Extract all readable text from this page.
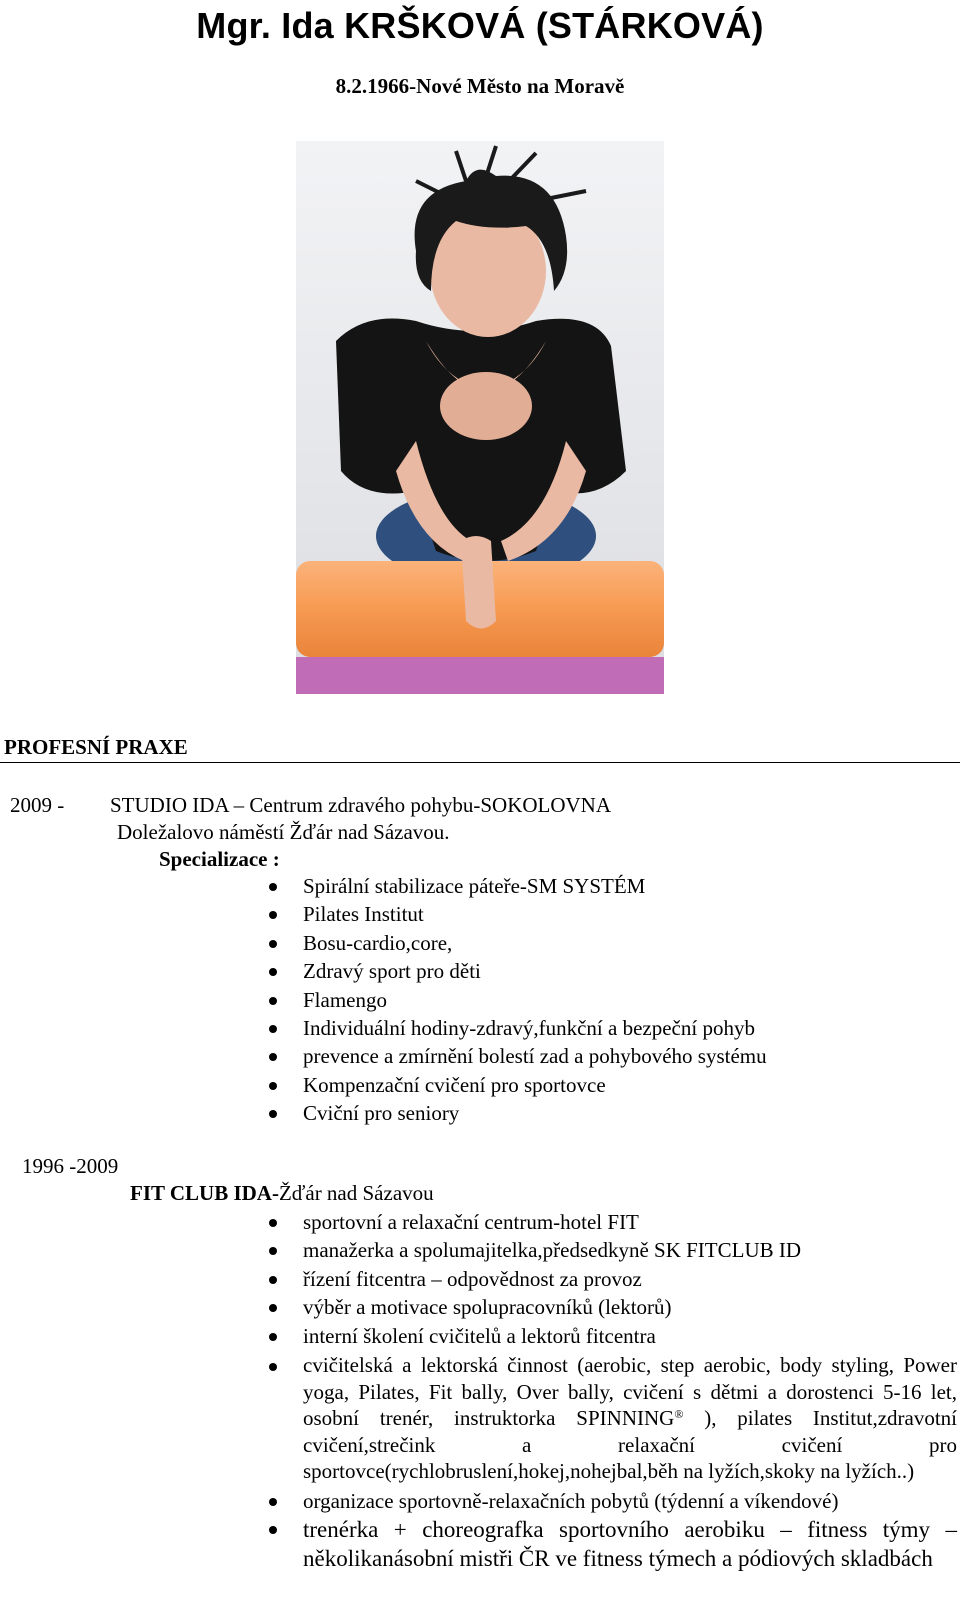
Mgr. Ida KRŠKOVÁ (STÁRKOVÁ)
8.2.1966-Nové Město na Moravě
PROFESNÍ PRAXE
2009 - STUDIO IDA – Centrum zdravého pohybu-SOKOLOVNA
Doležalovo náměstí Žďár nad Sázavou.
Specializace :
Spirální stabilizace páteře-SM SYSTÉM
Pilates Institut
Bosu-cardio,core,
Zdravý sport pro děti
Flamengo
Individuální hodiny-zdravý,funkční a bezpeční pohyb
prevence a zmírnění bolestí zad a pohybového systému
Kompenzační cvičení pro sportovce
Cviční pro seniory
1996 -2009
FIT CLUB IDA-Žďár nad Sázavou
sportovní a relaxační centrum-hotel FIT
manažerka a spolumajitelka,předsedkyně SK FITCLUB ID
řízení fitcentra – odpovědnost za provoz
výběr a motivace spolupracovníků (lektorů)
interní školení cvičitelů a lektorů fitcentra
cvičitelská a lektorská činnost (aerobic, step aerobic, body styling, Power yoga, Pilates, Fit bally, Over bally, cvičení s dětmi a dorostenci 5-16 let, osobní trenér, instruktorka SPINNING® ), pilates Institut,zdravotní cvičení,strečink a relaxační cvičení pro sportovce(rychlobruslení,hokej,nohejbal,běh na lyžích,skoky na lyžích..)
organizace sportovně-relaxačních pobytů (týdenní a víkendové)
trenérka + choreografka sportovního aerobiku – fitness týmy – několikanásobní mistři ČR ve fitness týmech a pódiových skladbách
